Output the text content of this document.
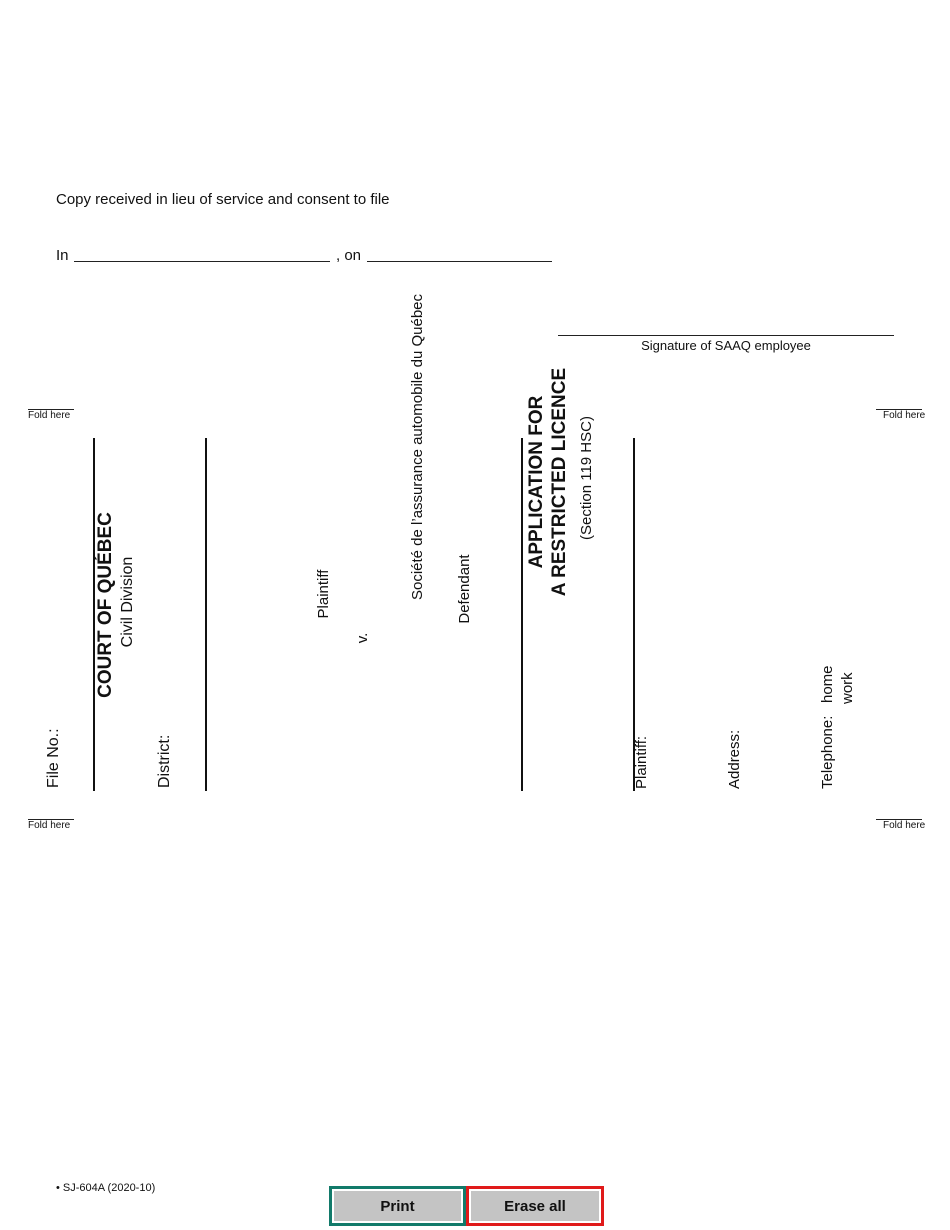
Copy received in lieu of service and consent to file
In	, on
Signature of SAAQ employee
Fold here	Fold here
Fold here	Fold here
File No.:
COURT OF QUÉBEC Civil Division
District:
Plaintiff
v.
Société de l’assurance automobile du Québec Defendant
APPLICATION FOR A RESTRICTED LICENCE (Section 119 HSC)
Plaintiff:	Address:	Telephone:
home work
• SJ-604A (2020-10)
Print	Erase all
